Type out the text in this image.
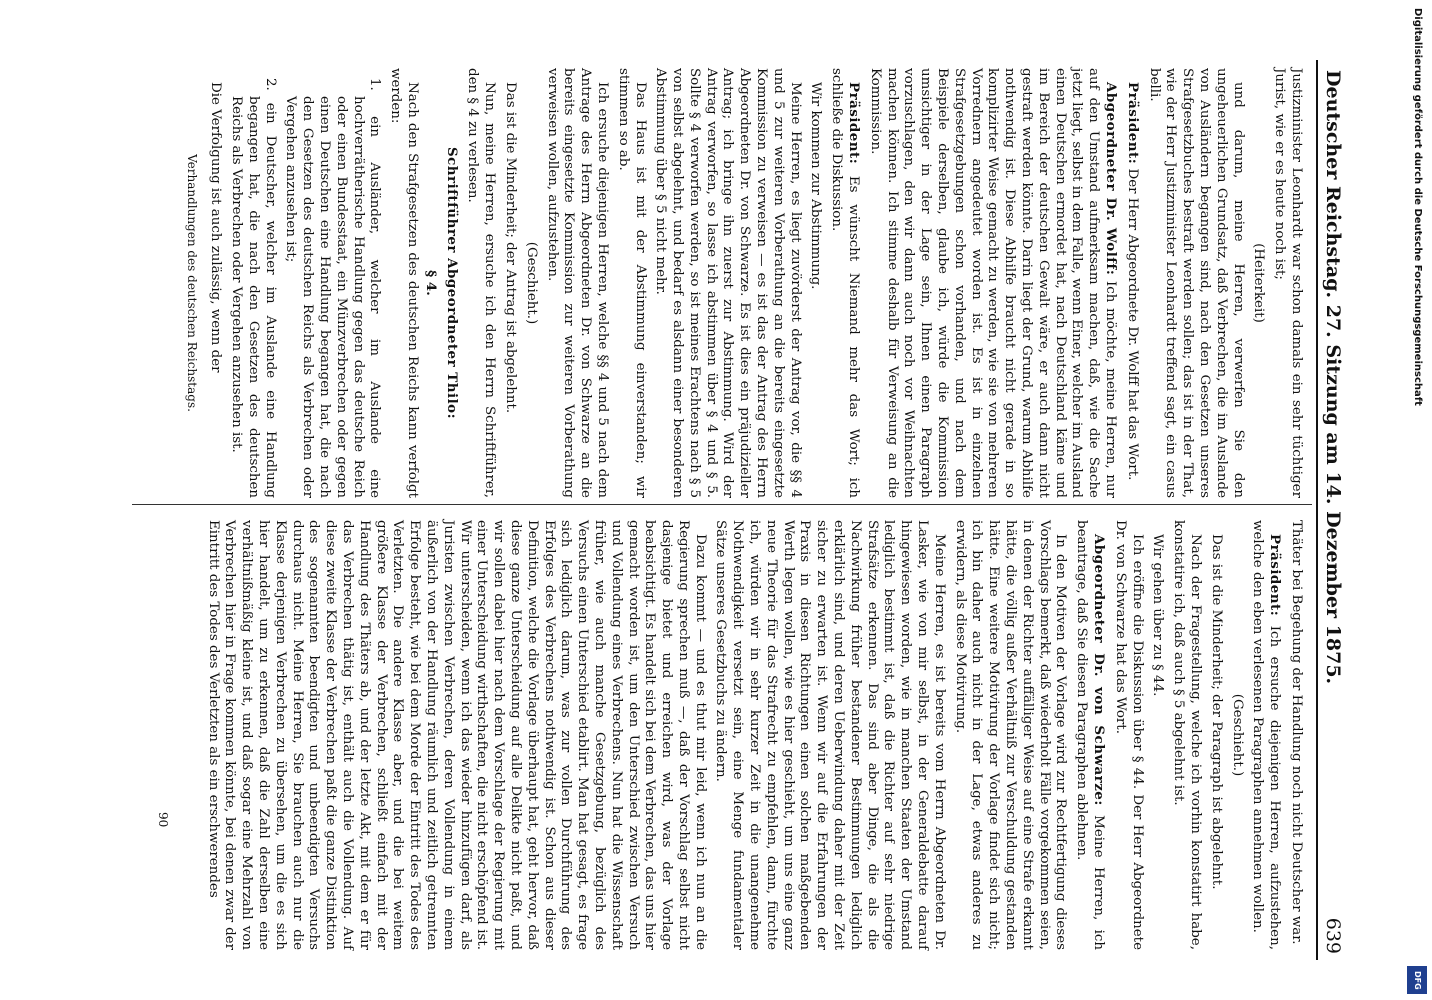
Deutscher Reichstag. 27. Sitzung am 14. Dezember 1875.
639

Justizminister Leonhardt war schon damals ein sehr tüchtiger Jurist, wie er es heute noch ist;

(Heiterkeit)

und darum, meine Herren, verwerfen Sie den ungeheuerlichen Grundsatz, daß Verbrechen, die im Auslande von Ausländern begangen sind, nach den Gesetzen unseres Strafgesetzbuches bestraft werden sollen; das ist in der That, wie der Herr Justizminister Leonhardt treffend sagt, ein casus belli.

Präsident: Der Herr Abgeordnete Dr. Wolff hat das Wort.

Abgeordneter Dr. Wolff: Ich möchte, meine Herren, nur auf den Umstand aufmerksam machen, daß, wie die Sache jetzt liegt, selbst in dem Falle, wenn Einer, welcher im Ausland einen Deutschen ermordet hat, nach Deutschland käme und im Bereich der deutschen Gewalt wäre, er auch dann nicht gestraft werden könnte. Darin liegt der Grund, warum Abhilfe nothwendig ist. Diese Abhilfe braucht nicht gerade in so komplizirter Weise gemacht zu werden, wie sie von mehreren Vorrednern angedeutet worden ist. Es ist in einzelnen Strafgesetzgebungen schon vorhanden, und nach dem Beispiele derselben, glaube ich, würde die Kommission umsichtiger in der Lage sein, Ihnen einen Paragraph vorzuschlagen, den wir dann auch noch vor Weihnachten machen können. Ich stimme deshalb für Verweisung an die Kommission.

Präsident: Es wünscht Niemand mehr das Wort; ich schließe die Diskussion.

Wir kommen zur Abstimmung.

Meine Herren, es liegt zuvörderst der Antrag vor, die §§ 4 und 5 zur weiteren Vorberathung an die bereits eingesetzte Kommission zu verweisen — es ist das der Antrag des Herrn Abgeordneten Dr. von Schwarze. Es ist dies ein präjudizieller Antrag; ich bringe ihn zuerst zur Abstimmung. Wird der Antrag verworfen, so lasse ich abstimmen über § 4 und § 5. Sollte § 4 verworfen werden, so ist meines Erachtens nach § 5 von selbst abgelehnt, und bedarf es alsdann einer besonderen Abstimmung über § 5 nicht mehr.

Das Haus ist mit der Abstimmung einverstanden; wir stimmen so ab.

Ich ersuche diejenigen Herren, welche §§ 4 und 5 nach dem Antrage des Herrn Abgeordneten Dr. von Schwarze an die bereits eingesetzte Kommission zur weiteren Vorberathung verweisen wollen, aufzustehen.

(Geschieht.)

Das ist die Minderheit; der Antrag ist abgelehnt.

Nun, meine Herren, ersuche ich den Herrn Schriftführer, den § 4 zu verlesen.

Schriftführer Abgeordneter Thilo:

§ 4.

Nach den Strafgesetzen des deutschen Reichs kann verfolgt werden:

1. ein Ausländer, welcher im Auslande eine hochverrätherische Handlung gegen das deutsche Reich oder einen Bundesstaat, ein Münzverbrechen oder gegen einen Deutschen eine Handlung begangen hat, die nach den Gesetzen des deutschen Reichs als Verbrechen oder Vergehen anzusehen ist;

2. ein Deutscher, welcher im Auslande eine Handlung begangen hat, die nach den Gesetzen des deutschen Reichs als Verbrechen oder Vergehen anzusehen ist.

Die Verfolgung ist auch zulässig, wenn der

Verhandlungen des deutschen Reichstags.

Thäter bei Begehung der Handlung noch nicht Deutscher war.

Präsident: Ich ersuche diejenigen Herren, aufzustehen, welche den eben verlesenen Paragraphen annehmen wollen.

(Geschieht.)

Das ist die Minderheit; der Paragraph ist abgelehnt.

Nach der Fragestellung, welche ich vorhin konstatirt habe, konstatire ich, daß auch § 5 abgelehnt ist.

Wir gehen über zu § 44.

Ich eröffne die Diskussion über § 44. Der Herr Abgeordnete Dr. von Schwarze hat das Wort.

Abgeordneter Dr. von Schwarze: Meine Herren, ich beantrage, daß Sie diesen Paragraphen ablehnen.

In den Motiven der Vorlage wird zur Rechtfertigung dieses Vorschlags bemerkt, daß wiederholt Fälle vorgekommen seien, in denen der Richter auffälliger Weise auf eine Strafe erkannt hätte, die völlig außer Verhältniß zur Verschuldung gestanden hätte. Eine weitere Motivirung der Vorlage findet sich nicht; ich bin daher auch nicht in der Lage, etwas anderes zu erwidern, als diese Motivirung.

Meine Herren, es ist bereits vom Herrn Abgeordneten Dr. Lasker, wie von mir selbst, in der Generaldebatte darauf hingewiesen worden, wie in manchen Staaten der Umstand lediglich bestimmt ist, daß die Richter auf sehr niedrige Strafsätze erkennen. Das sind aber Dinge, die als die Nachwirkung früher bestandener Bestimmungen lediglich erklärlich sind, und deren Ueberwindung daher mit der Zeit sicher zu erwarten ist. Wenn wir auf die Erfahrungen der Praxis in diesen Richtungen einen solchen maßgebenden Werth legen wollen, wie es hier geschieht, um uns eine ganz neue Theorie für das Strafrecht zu empfehlen, dann, fürchte ich, würden wir in sehr kurzer Zeit in die unangenehme Nothwendigkeit versetzt sein, eine Menge fundamentaler Sätze unseres Gesetzbuchs zu ändern.

Dazu kommt — und es thut mir leid, wenn ich nun an die Regierung sprechen muß —, daß der Vorschlag selbst nicht dasjenige bietet und erreichen wird, was der Vorlage beabsichtigt. Es handelt sich bei dem Verbrechen, das uns hier gemacht worden ist, um den Unterschied zwischen Versuch und Vollendung eines Verbrechens. Nun hat die Wissenschaft früher, wie auch manche Gesetzgebung, bezüglich des Versuchs einen Unterschied etablirt. Man hat gesagt, es frage sich lediglich darum, was zur vollen Durchführung des Erfolges des Verbrechens nothwendig ist. Schon aus dieser Definition, welche die Vorlage überhaupt hat, geht hervor, daß diese ganze Unterscheidung auf alle Delikte nicht paßt, und wir sollen dabei hier nach dem Vorschlage der Regierung mit einer Unterscheidung wirthschaften, die nicht erschöpfend ist. Wir unterscheiden, wenn ich das wieder hinzufügen darf, als Juristen zwischen Verbrechen, deren Vollendung in einem äußerlich von der Handlung räumlich und zeitlich getrennten Erfolge besteht, wie bei dem Morde der Eintritt des Todes des Verletzten. Die andere Klasse aber, und die bei weitem größere Klasse der Verbrechen, schließt einfach mit der Handlung des Thäters ab, und der letzte Akt, mit dem er für das Verbrechen thätig ist, enthält auch die Vollendung. Auf diese zweite Klasse der Verbrechen paßt die ganze Distinktion des sogenannten beendigten und unbeendigten Versuchs durchaus nicht. Meine Herren, Sie brauchen auch nur die Klasse derjenigen Verbrechen zu übersehen, um die es sich hier handelt, um zu erkennen, daß die Zahl derselben eine verhältnißmäßig kleine ist, und daß sogar eine Mehrzahl von Verbrechen hier in Frage kommen könnte, bei denen zwar der Eintritt des Todes des Verletzten als ein erschwerendes

90
Digitalisierung gefördert durch die Deutsche Forschungsgemeinschaft
DFG
